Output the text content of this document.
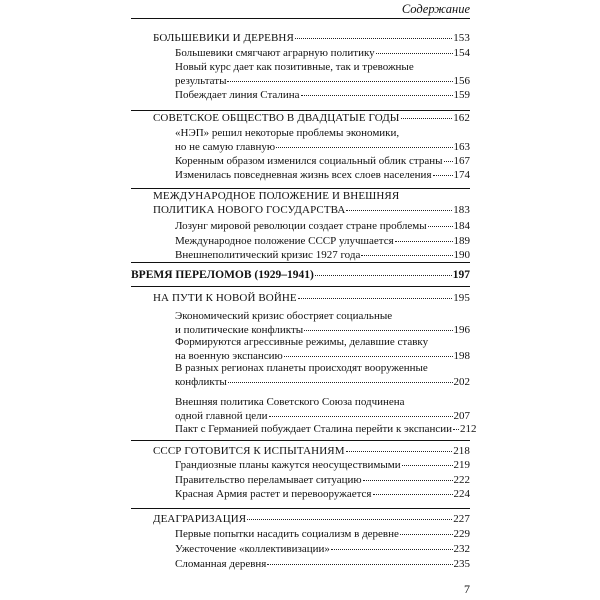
Содержание
БОЛЬШЕВИКИ И ДЕРЕВНЯ	153
Большевики смягчают аграрную политику	154
Новый курс дает как позитивные, так и тревожные
результаты	156
Побеждает линия Сталина	159
СОВЕТСКОЕ ОБЩЕСТВО В ДВАДЦАТЫЕ ГОДЫ	162
«НЭП» решил некоторые проблемы экономики,
но не самую главную	163
Коренным образом изменился социальный облик страны 167
Изменилась повседневная жизнь всех слоев населения 174
МЕЖДУНАРОДНОЕ ПОЛОЖЕНИЕ И ВНЕШНЯЯ
ПОЛИТИКА НОВОГО ГОСУДАРСТВА	183
Лозунг мировой революции создает стране проблемы 184
Международное положение СССР улучшается	189
Внешнеполитический кризис 1927 года	190
ВРЕМЯ ПЕРЕЛОМОВ (1929–1941)	197
НА ПУТИ К НОВОЙ ВОЙНЕ	195
Экономический кризис обостряет социальные
и политические конфликты	196
Формируются агрессивные режимы, делавшие ставку
на военную экспансию	198
В разных регионах планеты происходят вооруженные
конфликты	202
Внешняя политика Советского Союза подчинена
одной главной цели	207
Пакт с Германией побуждает Сталина перейти к экспансии 212
СССР ГОТОВИТСЯ К ИСПЫТАНИЯМ	218
Грандиозные планы кажутся неосуществимыми	219
Правительство переламывает ситуацию	222
Красная Армия растет и перевооружается	224
ДЕАГРАРИЗАЦИЯ	227
Первые попытки насадить социализм в деревне	229
Ужесточение «коллективизации»	232
Сломанная деревня	235
7
